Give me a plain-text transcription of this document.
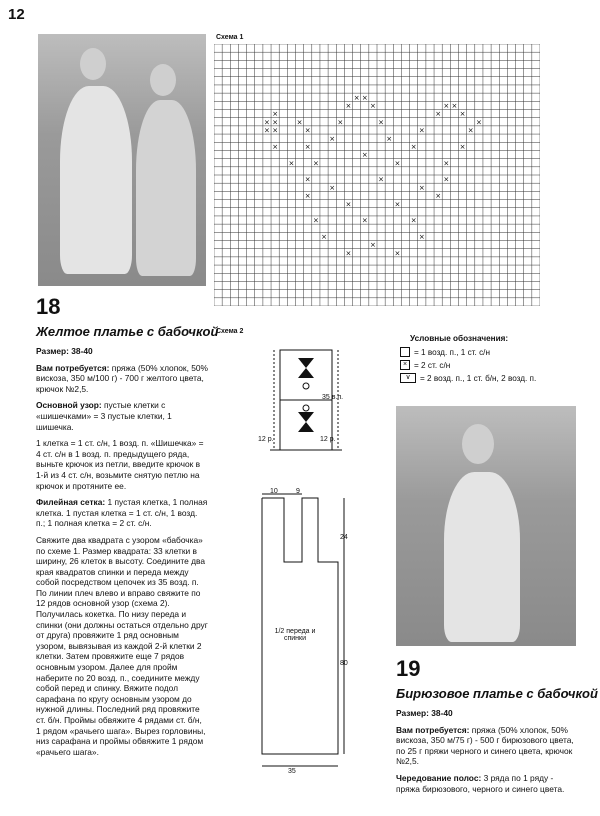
12
18
Желтое платье с бабочкой

Размер: 38-40

Вам потребуется: пряжа (50% хлопок, 50% вискоза, 350 м/100 г) - 700 г желтого цвета, крючок №2,5.

Основной узор: пустые клетки с «шишечками» = 3 пустые клетки, 1 шишечка.

1 клетка = 1 ст. с/н, 1 возд. п. «Шишечка» = 4 ст. с/н в 1 возд. п. предыдущего ряда, выньте крючок из петли, введите крючок в 1-й из 4 ст. с/н, возьмите снятую петлю на крючок и протяните ее.

Филейная сетка: 1 пустая клетка, 1 полная клетка. 1 пустая клетка = 1 ст. с/н, 1 возд. п.; 1 полная клетка = 2 ст. с/н.

Свяжите два квадрата с узором «бабочка» по схеме 1. Размер квадрата: 33 клетки в ширину, 26 клеток в высоту. Соедините два края квадратов спинки и переда между собой посредством цепочек из 35 возд. п. По линии плеч влево и вправо свяжите по 12 рядов основной узор (схема 2). Получилась кокетка. По низу переда и спинки (они должны остаться отдельно друг от друга) провяжите 1 ряд основным узором, вывязывая из каждой 2-й клетки 2 клетки. Затем провяжите еще 7 рядов основным узором. Далее для пройм наберите по 20 возд. п., соедините между собой перед и спинку. Вяжите подол сарафана по кругу основным узором до нужной длины. Последний ряд провяжите ст. б/н. Проймы обвяжите 4 рядами ст. б/н, 1 рядом «рачьего шага». Вырез горловины, низ сарафана и проймы обвяжите 1 рядом «рачьего шага».

Схема 1
×
×
× ×
× ×
×
×
×
×	×
×	×
×
×	×
×	×
×	×
×	×
×	×
×	×
×	×
×
×	×
×
×
×
×
×
×
×	×
×
×	×	×
×
×
×
×	×
Схема 2
35 в.п.
12 р.	12 р.
Условные обозначения:
= 1 возд. п., 1 ст. с/н
× = 2 ст. с/н
∨	= 2 возд. п., 1 ст. б/н, 2 возд. п.
10	9
24
80
35
1/2 переда и спинки
19
Бирюзовое платье с бабочкой

Размер: 38-40

Вам потребуется: пряжа (50% хлопок, 50% вискоза, 350 м/75 г) - 500 г бирюзового цвета, по 25 г пряжи черного и синего цвета, крючок №2,5.

Чередование полос: 3 ряда по 1 ряду - пряжа бирюзового, черного и синего цвета.
